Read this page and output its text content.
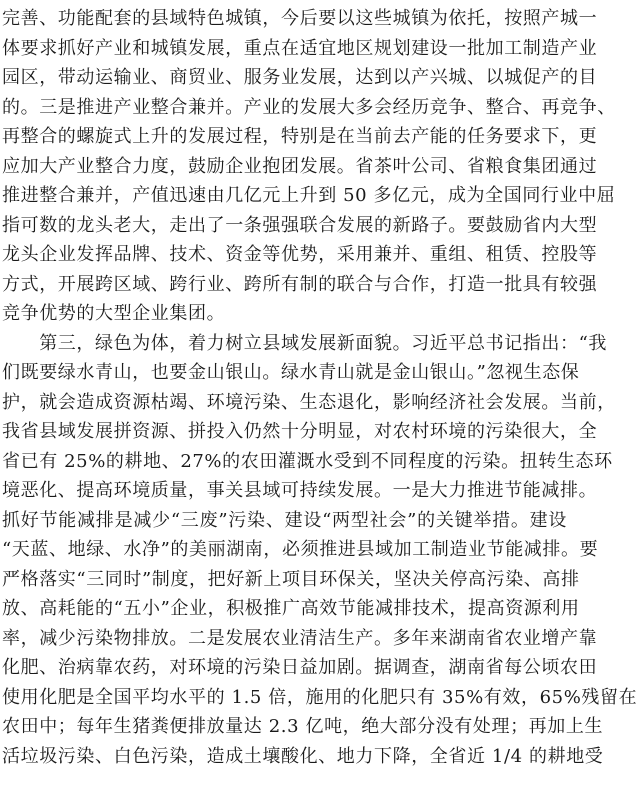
完善、功能配套的县域特色城镇，今后要以这些城镇为依托，按照产城一
体要求抓好产业和城镇发展，重点在适宜地区规划建设一批加工制造产业
园区，带动运输业、商贸业、服务业发展，达到以产兴城、以城促产的目
的。三是推进产业整合兼并。产业的发展大多会经历竞争、整合、再竞争、
再整合的螺旋式上升的发展过程，特别是在当前去产能的任务要求下，更
应加大产业整合力度，鼓励企业抱团发展。省茶叶公司、省粮食集团通过
推进整合兼并，产值迅速由几亿元上升到 50 多亿元，成为全国同行业中屈
指可数的龙头老大，走出了一条强强联合发展的新路子。要鼓励省内大型
龙头企业发挥品牌、技术、资金等优势，采用兼并、重组、租赁、控股等
方式，开展跨区域、跨行业、跨所有制的联合与合作，打造一批具有较强
竞争优势的大型企业集团。
　　第三，绿色为体，着力树立县域发展新面貌。习近平总书记指出：“我
们既要绿水青山，也要金山银山。绿水青山就是金山银山。”忽视生态保
护，就会造成资源枯竭、环境污染、生态退化，影响经济社会发展。当前，
我省县域发展拼资源、拼投入仍然十分明显，对农村环境的污染很大，全
省已有 25%的耕地、27%的农田灌溉水受到不同程度的污染。扭转生态环
境恶化、提高环境质量，事关县域可持续发展。一是大力推进节能减排。
抓好节能减排是减少“三废”污染、建设“两型社会”的关键举措。建设
“天蓝、地绿、水净”的美丽湖南，必须推进县域加工制造业节能减排。要
严格落实“三同时”制度，把好新上项目环保关，坚决关停高污染、高排
放、高耗能的“五小”企业，积极推广高效节能减排技术，提高资源利用
率，减少污染物排放。二是发展农业清洁生产。多年来湖南省农业增产靠
化肥、治病靠农药，对环境的污染日益加剧。据调查，湖南省每公顷农田
使用化肥是全国平均水平的 1.5 倍，施用的化肥只有 35%有效，65%残留在
农田中；每年生猪粪便排放量达 2.3 亿吨，绝大部分没有处理；再加上生
活垃圾污染、白色污染，造成土壤酸化、地力下降，全省近 1/4 的耕地受
